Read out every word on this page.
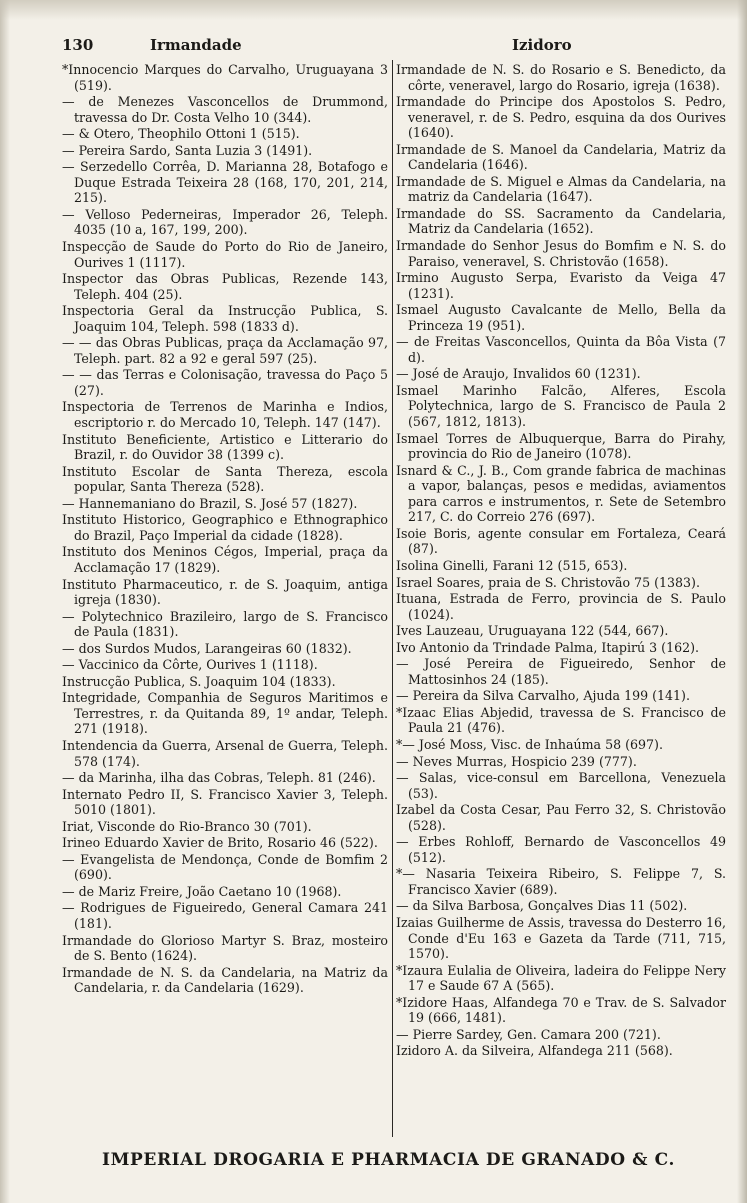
130	Irmandade	Izidoro

*Innocencio Marques do Carvalho, Uruguayana 3 (519).

— de Menezes Vasconcellos de Drummond, travessa do Dr. Costa Velho 10 (344).

— & Otero, Theophilo Ottoni 1 (515).

— Pereira Sardo, Santa Luzia 3 (1491).

— Serzedello Corrêa, D. Marianna 28, Botafogo e Duque Estrada Teixeira 28 (168, 170, 201, 214, 215).

— Velloso Pederneiras, Imperador 26, Teleph. 4035 (10 a, 167, 199, 200).

Inspecção de Saude do Porto do Rio de Janeiro, Ourives 1 (1117).

Inspector das Obras Publicas, Rezende 143, Teleph. 404 (25).

Inspectoria Geral da Instrucção Publica, S. Joaquim 104, Teleph. 598 (1833 d).

— — das Obras Publicas, praça da Acclamação 97, Teleph. part. 82 a 92 e geral 597 (25).

— — das Terras e Colonisação, travessa do Paço 5 (27).

Inspectoria de Terrenos de Marinha e Indios, escriptorio r. do Mercado 10, Teleph. 147 (147).

Instituto Beneficiente, Artistico e Litterario do Brazil, r. do Ouvidor 38 (1399 c).

Instituto Escolar de Santa Thereza, escola popular, Santa Thereza (528).

— Hannemaniano do Brazil, S. José 57 (1827).

Instituto Historico, Geographico e Ethnographico do Brazil, Paço Imperial da cidade (1828).

Instituto dos Meninos Cégos, Imperial, praça da Acclamação 17 (1829).

Instituto Pharmaceutico, r. de S. Joaquim, antiga igreja (1830).

— Polytechnico Brazileiro, largo de S. Francisco de Paula (1831).

— dos Surdos Mudos, Larangeiras 60 (1832).

— Vaccinico da Côrte, Ourives 1 (1118).

Instrucção Publica, S. Joaquim 104 (1833).

Integridade, Companhia de Seguros Maritimos e Terrestres, r. da Quitanda 89, 1º andar, Teleph. 271 (1918).

Intendencia da Guerra, Arsenal de Guerra, Teleph. 578 (174).

— da Marinha, ilha das Cobras, Teleph. 81 (246).

Internato Pedro II, S. Francisco Xavier 3, Teleph. 5010 (1801).

Iriat, Visconde do Rio-Branco 30 (701).

Irineo Eduardo Xavier de Brito, Rosario 46 (522).

— Evangelista de Mendonça, Conde de Bomfim 2 (690).

— de Mariz Freire, João Caetano 10 (1968).

— Rodrigues de Figueiredo, General Camara 241 (181).

Irmandade do Glorioso Martyr S. Braz, mosteiro de S. Bento (1624).

Irmandade de N. S. da Candelaria, na Matriz da Candelaria, r. da Candelaria (1629).

Irmandade de N. S. do Rosario e S. Benedicto, da côrte, veneravel, largo do Rosario, igreja (1638).

Irmandade do Principe dos Apostolos S. Pedro, veneravel, r. de S. Pedro, esquina da dos Ourives (1640).

Irmandade de S. Manoel da Candelaria, Matriz da Candelaria (1646).

Irmandade de S. Miguel e Almas da Candelaria, na matriz da Candelaria (1647).

Irmandade do SS. Sacramento da Candelaria, Matriz da Candelaria (1652).

Irmandade do Senhor Jesus do Bomfim e N. S. do Paraiso, veneravel, S. Christovão (1658).

Irmino Augusto Serpa, Evaristo da Veiga 47 (1231).

Ismael Augusto Cavalcante de Mello, Bella da Princeza 19 (951).

— de Freitas Vasconcellos, Quinta da Bôa Vista (7 d).

— José de Araujo, Invalidos 60 (1231).

Ismael Marinho Falcão, Alferes, Escola Polytechnica, largo de S. Francisco de Paula 2 (567, 1812, 1813).

Ismael Torres de Albuquerque, Barra do Pirahy, provincia do Rio de Janeiro (1078).

Isnard & C., J. B., Com grande fabrica de machinas a vapor, balanças, pesos e medidas, aviamentos para carros e instrumentos, r. Sete de Setembro 217, C. do Correio 276 (697).

Isoie Boris, agente consular em Fortaleza, Ceará (87).

Isolina Ginelli, Farani 12 (515, 653).

Israel Soares, praia de S. Christovão 75 (1383).

Ituana, Estrada de Ferro, provincia de S. Paulo (1024).

Ives Lauzeau, Uruguayana 122 (544, 667).

Ivo Antonio da Trindade Palma, Itapirú 3 (162).

— José Pereira de Figueiredo, Senhor de Mattosinhos 24 (185).

— Pereira da Silva Carvalho, Ajuda 199 (141).

*Izaac Elias Abjedid, travessa de S. Francisco de Paula 21 (476).

*— José Moss, Visc. de Inhaúma 58 (697).

— Neves Murras, Hospicio 239 (777).

— Salas, vice-consul em Barcellona, Venezuela (53).

Izabel da Costa Cesar, Pau Ferro 32, S. Christovão (528).

— Erbes Rohloff, Bernardo de Vasconcellos 49 (512).

*— Nasaria Teixeira Ribeiro, S. Felippe 7, S. Francisco Xavier (689).

— da Silva Barbosa, Gonçalves Dias 11 (502).

Izaias Guilherme de Assis, travessa do Desterro 16, Conde d'Eu 163 e Gazeta da Tarde (711, 715, 1570).

*Izaura Eulalia de Oliveira, ladeira do Felippe Nery 17 e Saude 67 A (565).

*Izidore Haas, Alfandega 70 e Trav. de S. Salvador 19 (666, 1481).

— Pierre Sardey, Gen. Camara 200 (721).

Izidoro A. da Silveira, Alfandega 211 (568).

IMPERIAL DROGARIA E PHARMACIA DE GRANADO & C.
